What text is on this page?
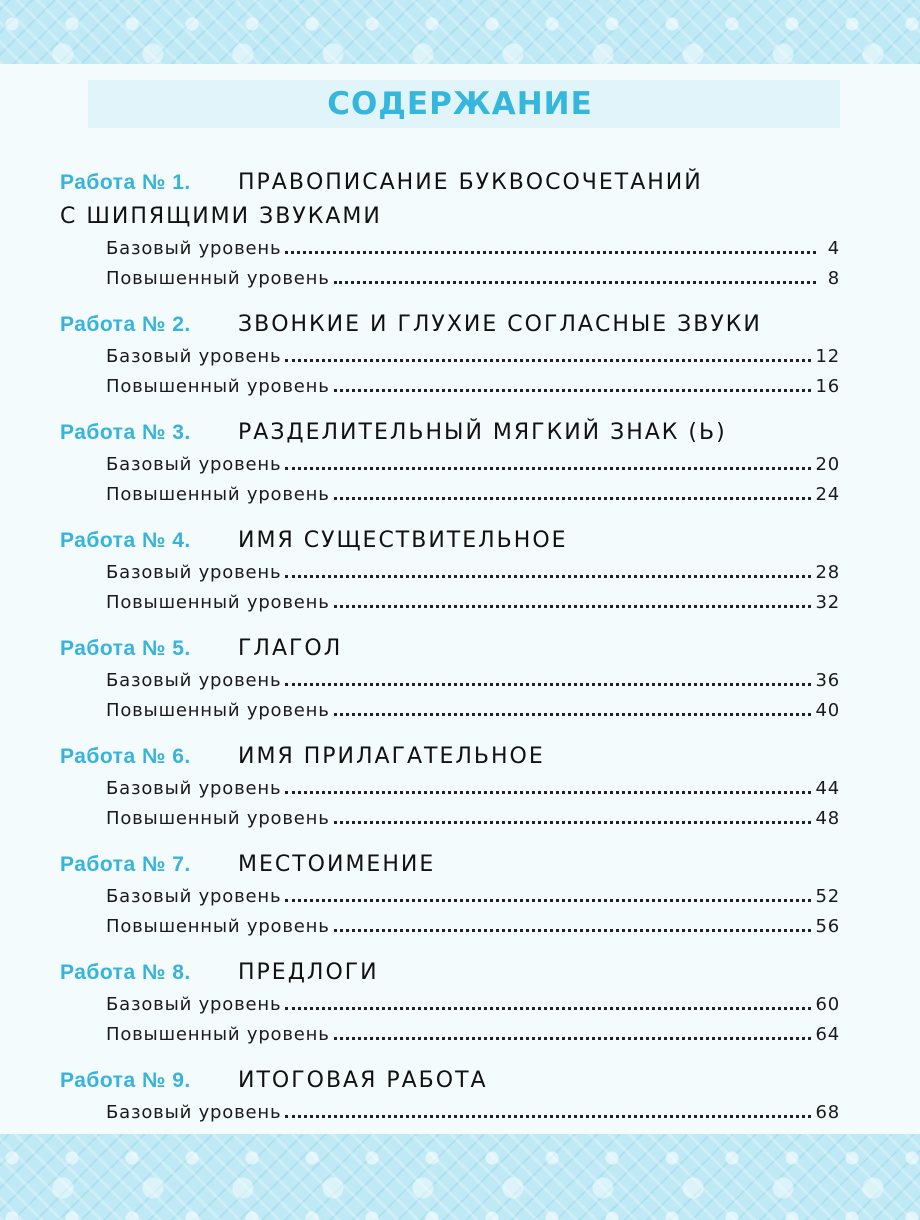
СОДЕРЖАНИЕ
Работа № 1.	ПРАВОПИСАНИЕ БУКВОСОЧЕТАНИЙ
С ШИПЯЩИМИ ЗВУКАМИ
Базовый уровень	4
Повышенный уровень	8
Работа № 2.	ЗВОНКИЕ И ГЛУХИЕ СОГЛАСНЫЕ ЗВУКИ
Базовый уровень	12
Повышенный уровень	16
Работа № 3.	РАЗДЕЛИТЕЛЬНЫЙ МЯГКИЙ ЗНАК (Ь)
Базовый уровень	20
Повышенный уровень	24
Работа № 4.	ИМЯ СУЩЕСТВИТЕЛЬНОЕ
Базовый уровень	28
Повышенный уровень	32
Работа № 5.	ГЛАГОЛ
Базовый уровень	36
Повышенный уровень	40
Работа № 6.	ИМЯ ПРИЛАГАТЕЛЬНОЕ
Базовый уровень	44
Повышенный уровень	48
Работа № 7.	МЕСТОИМЕНИЕ
Базовый уровень	52
Повышенный уровень	56
Работа № 8.	ПРЕДЛОГИ
Базовый уровень	60
Повышенный уровень	64
Работа № 9.	ИТОГОВАЯ РАБОТА
Базовый уровень	68
